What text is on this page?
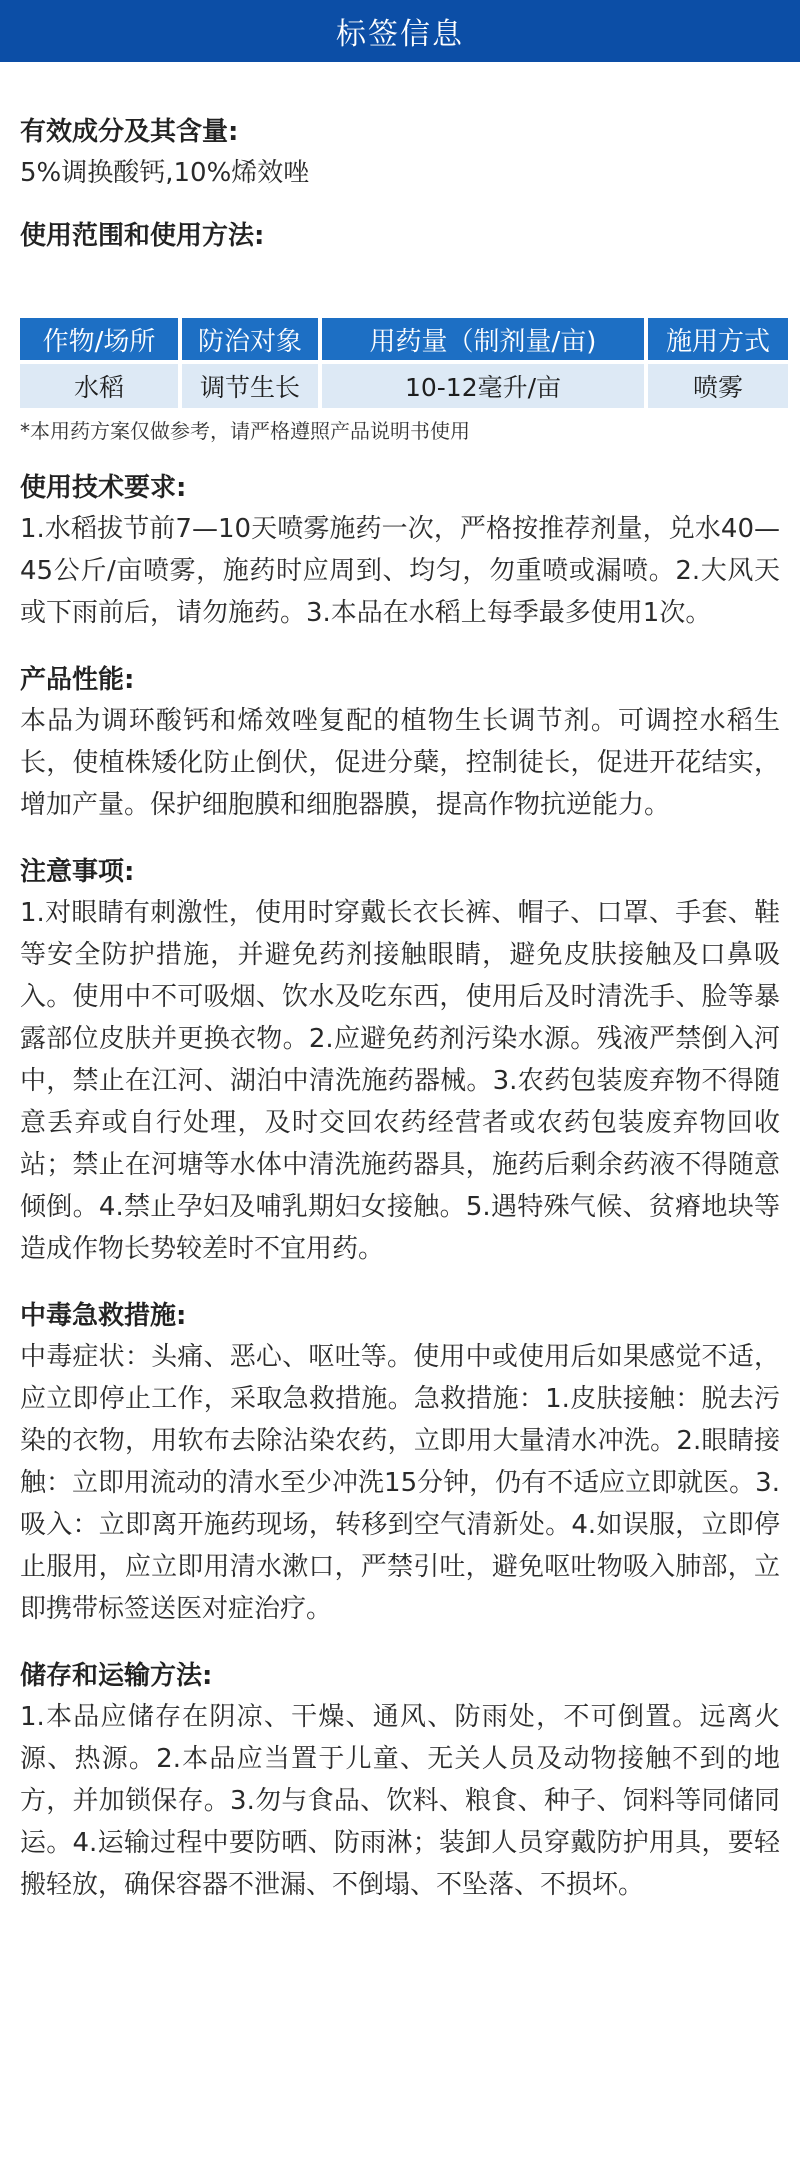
标签信息
有效成分及其含量:
5%调换酸钙,10%烯效唑
使用范围和使用方法:
作物/场所	防治对象	用药量（制剂量/亩)	施用方式
水稻	调节生长	10-12毫升/亩	喷雾
*本用药方案仅做参考，请严格遵照产品说明书使用
使用技术要求:
1.水稻拔节前7—10天喷雾施药一次，严格按推荐剂量，兑水40—45公斤/亩喷雾，施药时应周到、均匀，勿重喷或漏喷。2.大风天或下雨前后，请勿施药。3.本品在水稻上每季最多使用1次。
产品性能:
本品为调环酸钙和烯效唑复配的植物生长调节剂。可调控水稻生长，使植株矮化防止倒伏，促进分蘖，控制徒长，促进开花结实，增加产量。保护细胞膜和细胞器膜，提高作物抗逆能力。
注意事项:
1.对眼睛有刺激性，使用时穿戴长衣长裤、帽子、口罩、手套、鞋等安全防护措施，并避免药剂接触眼睛，避免皮肤接触及口鼻吸入。使用中不可吸烟、饮水及吃东西，使用后及时清洗手、脸等暴露部位皮肤并更换衣物。2.应避免药剂污染水源。残液严禁倒入河中，禁止在江河、湖泊中清洗施药器械。3.农药包装废弃物不得随意丢弃或自行处理，及时交回农药经营者或农药包装废弃物回收站；禁止在河塘等水体中清洗施药器具，施药后剩余药液不得随意倾倒。4.禁止孕妇及哺乳期妇女接触。5.遇特殊气候、贫瘠地块等造成作物长势较差时不宜用药。
中毒急救措施:
中毒症状：头痛、恶心、呕吐等。使用中或使用后如果感觉不适，应立即停止工作，采取急救措施。急救措施：1.皮肤接触：脱去污染的衣物，用软布去除沾染农药，立即用大量清水冲洗。2.眼睛接触：立即用流动的清水至少冲洗15分钟，仍有不适应立即就医。3.吸入：立即离开施药现场，转移到空气清新处。4.如误服，立即停止服用，应立即用清水漱口，严禁引吐，避免呕吐物吸入肺部，立即携带标签送医对症治疗。
储存和运输方法:
1.本品应储存在阴凉、干燥、通风、防雨处，不可倒置。远离火源、热源。2.本品应当置于儿童、无关人员及动物接触不到的地方，并加锁保存。3.勿与食品、饮料、粮食、种子、饲料等同储同运。4.运输过程中要防晒、防雨淋；装卸人员穿戴防护用具，要轻搬轻放，确保容器不泄漏、不倒塌、不坠落、不损坏。
